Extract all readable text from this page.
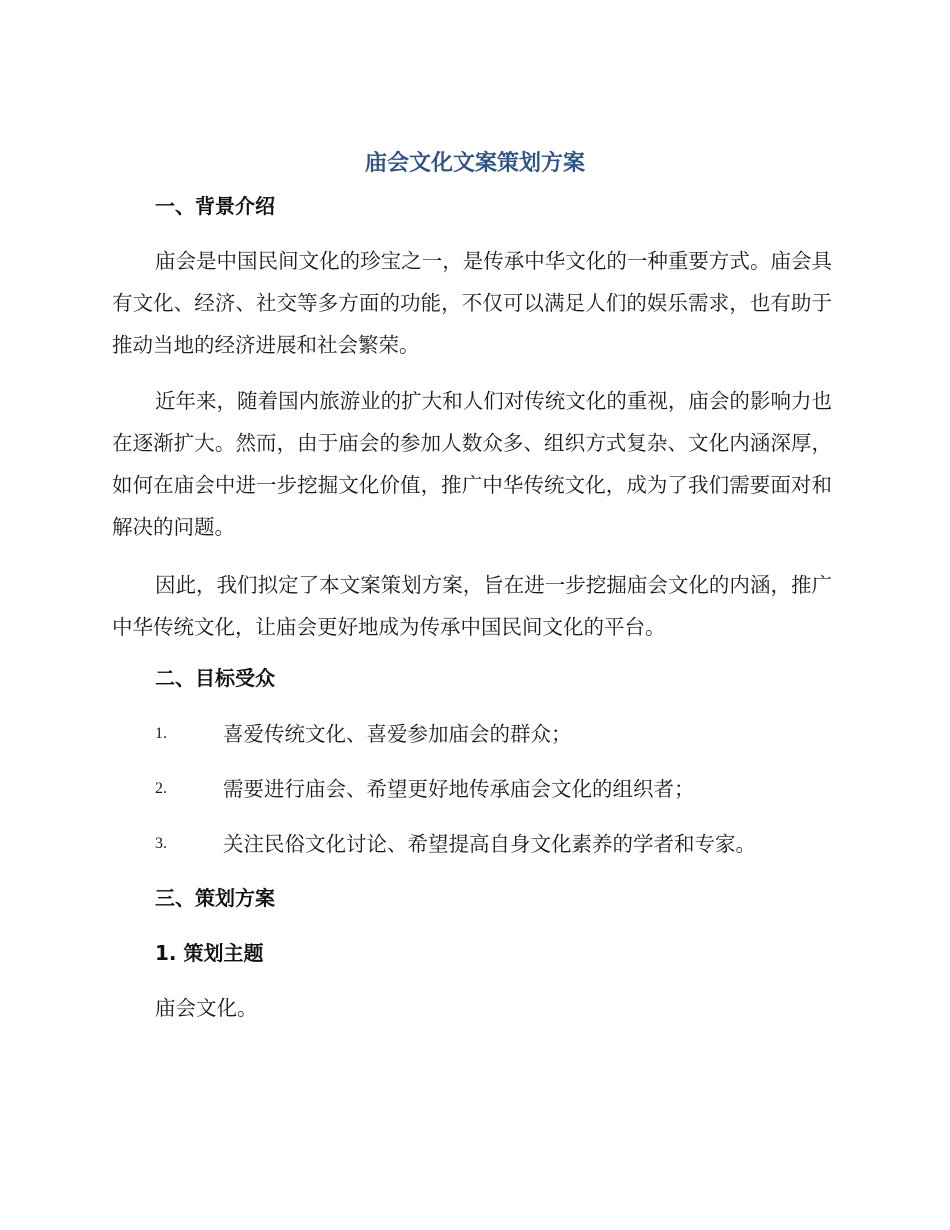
庙会文化文案策划方案
一、背景介绍

庙会是中国民间文化的珍宝之一，是传承中华文化的一种重要方式。庙会具有文化、经济、社交等多方面的功能，不仅可以满足人们的娱乐需求，也有助于推动当地的经济进展和社会繁荣。

近年来，随着国内旅游业的扩大和人们对传统文化的重视，庙会的影响力也在逐渐扩大。然而，由于庙会的参加人数众多、组织方式复杂、文化内涵深厚，如何在庙会中进一步挖掘文化价值，推广中华传统文化，成为了我们需要面对和解决的问题。

因此，我们拟定了本文案策划方案，旨在进一步挖掘庙会文化的内涵，推广中华传统文化，让庙会更好地成为传承中国民间文化的平台。

二、目标受众
1.	喜爱传统文化、喜爱参加庙会的群众；
2.	需要进行庙会、希望更好地传承庙会文化的组织者；
3.	关注民俗文化讨论、希望提高自身文化素养的学者和专家。
三、策划方案
1. 策划主题

庙会文化。
